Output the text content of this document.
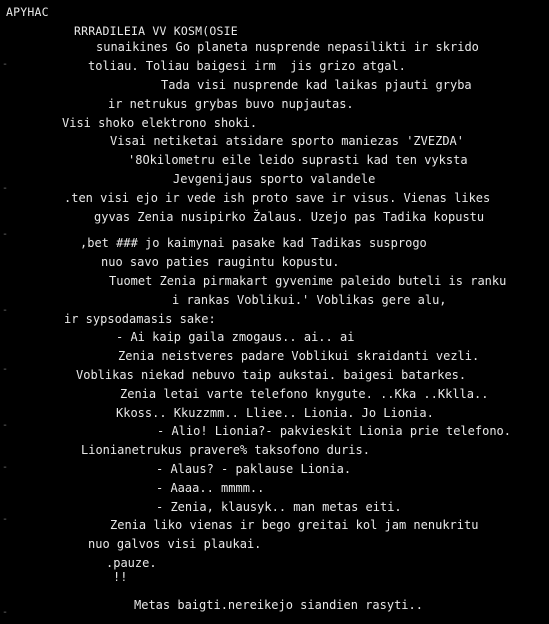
APYHAC
RRRADILЕIA VV KOSM(OSIE
sunaikines Go planeta nusprende nepasilikti ir skrido
toliau. Toliau baigesi irm  jis grizo atgal.
Tada visi nusprende kad laikas pjauti gryba
ir netrukus grybas buvo nupjautas.
Visi shoko elektrono shoki.
Visai netiketai atsidare sporto maniezas 'ZVEZDA'
'8Okilometru eile leido suprasti kad ten vyksta
Jevgenijaus sporto valandele
.ten visi ejo ir vede ish proto save ir visus. Vienas likes
gyvas Zenia nusipirko Žalaus. Uzejo pas Tadika kopustu
,bet ### jo kaimynai pasake kad Tadikas susprogo
nuo savo paties raugintu kopustu.
Tuomet Zenia pirmakart gyvenime paleido buteli is ranku
i rankas Voblikui.' Voblikas gere alu,
ir sypsodamasis sake:
- Ai kaip gaila zmogaus.. ai.. ai
Zenia neistveres padare Voblikui skraidanti vezli.
Voblikas niekad nebuvo taip aukstai. baigesi batarkes.
Zenia letai varte telefono knygute. ..Kka ..Kklla..
Kkoss.. Kkuzzmm.. Lliee.. Lionia. Jo Lionia.
- Alio! Lionia?- pakvieskit Lionia prie telefono.
Lionianetrukus pravere% taksofono duris.
- Alaus? - paklause Lionia.
- Aaaa.. mmmm..
- Zenia, klausyk.. man metas eiti.
Zenia liko vienas ir bego greitai kol jam nenukritu
nuo galvos visi plaukai.
.pauze.
!!
Metas baigti.nereikejo siandien rasyti..
-
-
-
-
-
-
-
-
-
